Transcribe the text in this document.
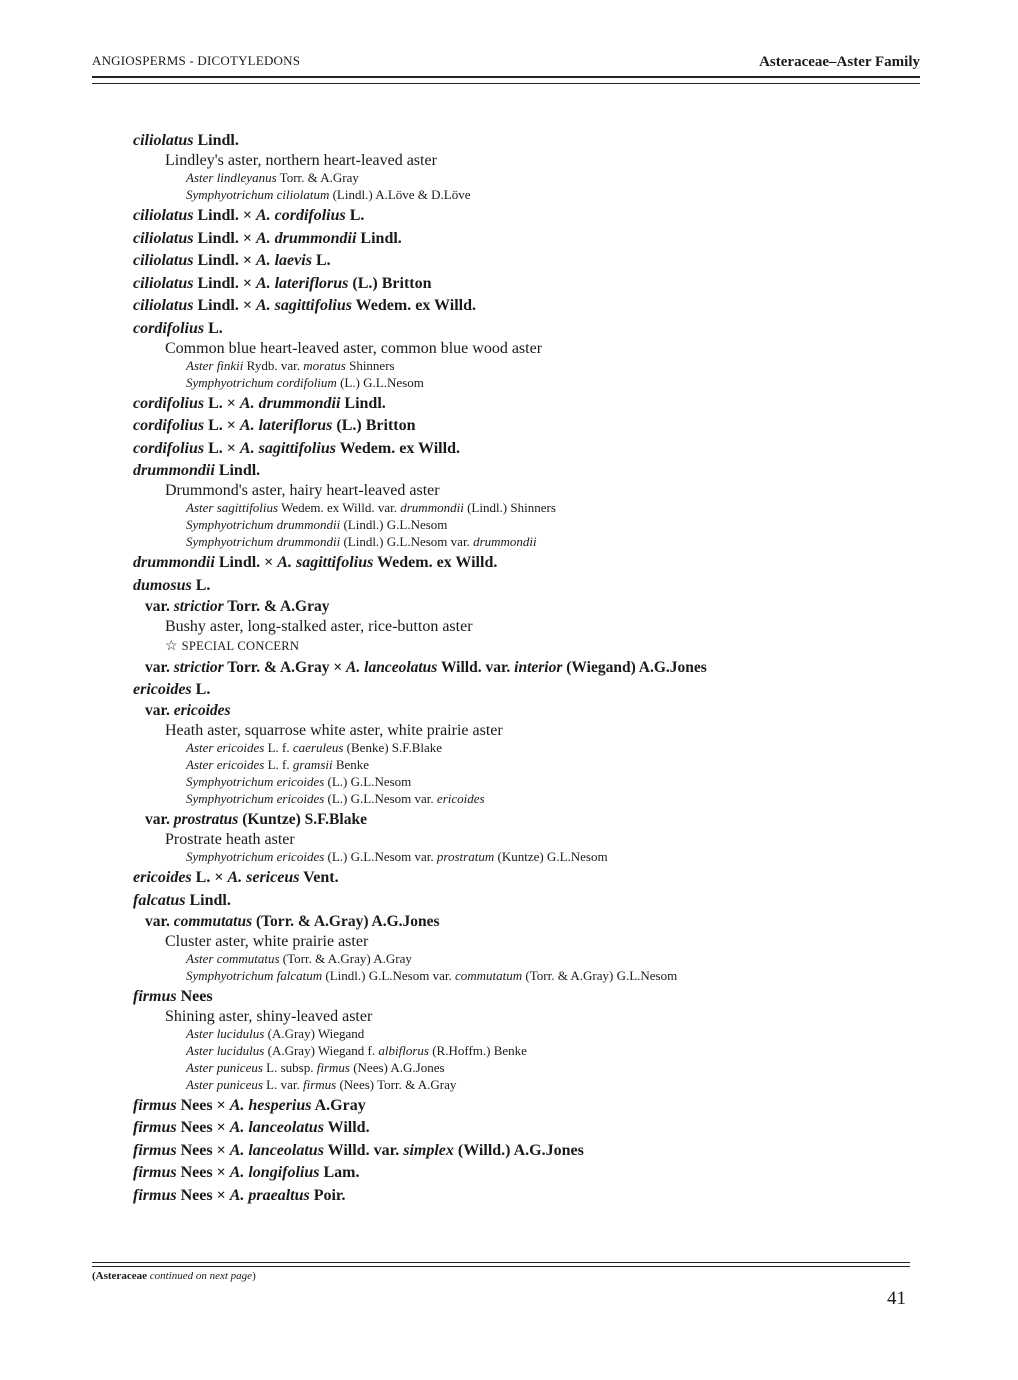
ANGIOSPERMS - DICOTYLEDONS	Asteraceae–Aster Family
ciliolatus Lindl.
Lindley's aster, northern heart-leaved aster
Aster lindleyanus Torr. & A.Gray
Symphyotrichum ciliolatum (Lindl.) A.Löve & D.Löve
ciliolatus Lindl. × A. cordifolius L.
ciliolatus Lindl. × A. drummondii Lindl.
ciliolatus Lindl. × A. laevis L.
ciliolatus Lindl. × A. lateriflorus (L.) Britton
ciliolatus Lindl. × A. sagittifolius Wedem. ex Willd.
cordifolius L.
Common blue heart-leaved aster, common blue wood aster
Aster finkii Rydb. var. moratus Shinners
Symphyotrichum cordifolium (L.) G.L.Nesom
cordifolius L. × A. drummondii Lindl.
cordifolius L. × A. lateriflorus (L.) Britton
cordifolius L. × A. sagittifolius Wedem. ex Willd.
drummondii Lindl.
Drummond's aster, hairy heart-leaved aster
Aster sagittifolius Wedem. ex Willd. var. drummondii (Lindl.) Shinners
Symphyotrichum drummondii (Lindl.) G.L.Nesom
Symphyotrichum drummondii (Lindl.) G.L.Nesom var. drummondii
drummondii Lindl. × A. sagittifolius Wedem. ex Willd.
dumosus L.
var. strictior Torr. & A.Gray
Bushy aster, long-stalked aster, rice-button aster
☆ SPECIAL CONCERN
var. strictior Torr. & A.Gray × A. lanceolatus Willd. var. interior (Wiegand) A.G.Jones
ericoides L.
var. ericoides
Heath aster, squarrose white aster, white prairie aster
Aster ericoides L. f. caeruleus (Benke) S.F.Blake
Aster ericoides L. f. gramsii Benke
Symphyotrichum ericoides (L.) G.L.Nesom
Symphyotrichum ericoides (L.) G.L.Nesom var. ericoides
var. prostratus (Kuntze) S.F.Blake
Prostrate heath aster
Symphyotrichum ericoides (L.) G.L.Nesom var. prostratum (Kuntze) G.L.Nesom
ericoides L. × A. sericeus Vent.
falcatus Lindl.
var. commutatus (Torr. & A.Gray) A.G.Jones
Cluster aster, white prairie aster
Aster commutatus (Torr. & A.Gray) A.Gray
Symphyotrichum falcatum (Lindl.) G.L.Nesom var. commutatum (Torr. & A.Gray) G.L.Nesom
firmus Nees
Shining aster, shiny-leaved aster
Aster lucidulus (A.Gray) Wiegand
Aster lucidulus (A.Gray) Wiegand f. albiflorus (R.Hoffm.) Benke
Aster puniceus L. subsp. firmus (Nees) A.G.Jones
Aster puniceus L. var. firmus (Nees) Torr. & A.Gray
firmus Nees × A. hesperius A.Gray
firmus Nees × A. lanceolatus Willd.
firmus Nees × A. lanceolatus Willd. var. simplex (Willd.) A.G.Jones
firmus Nees × A. longifolius Lam.
firmus Nees × A. praealtus Poir.
(Asteraceae continued on next page)
41
